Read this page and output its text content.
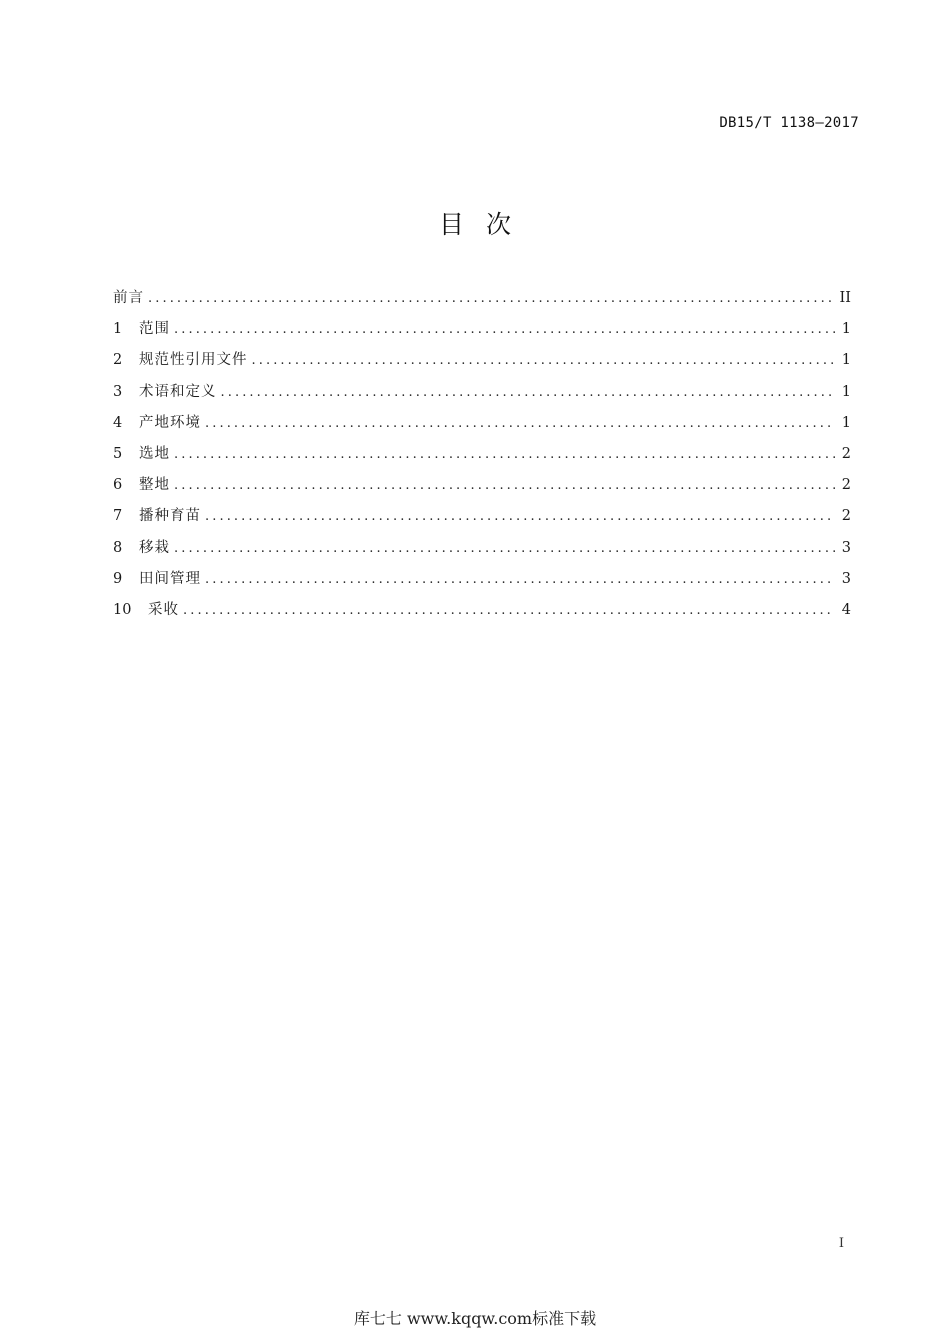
DB15/T 1138—2017
目次
前言 .....	II
1	范围 .....	1
2	规范性引用文件 .....	1
3	术语和定义 .....	1
4	产地环境 .....	1
5	选地 .....	2
6	整地 .....	2
7	播种育苗 .....	2
8	移栽 .....	3
9	田间管理 .....	3
10	采收 .....	4
I
库七七 www.kqqw.com标准下载
